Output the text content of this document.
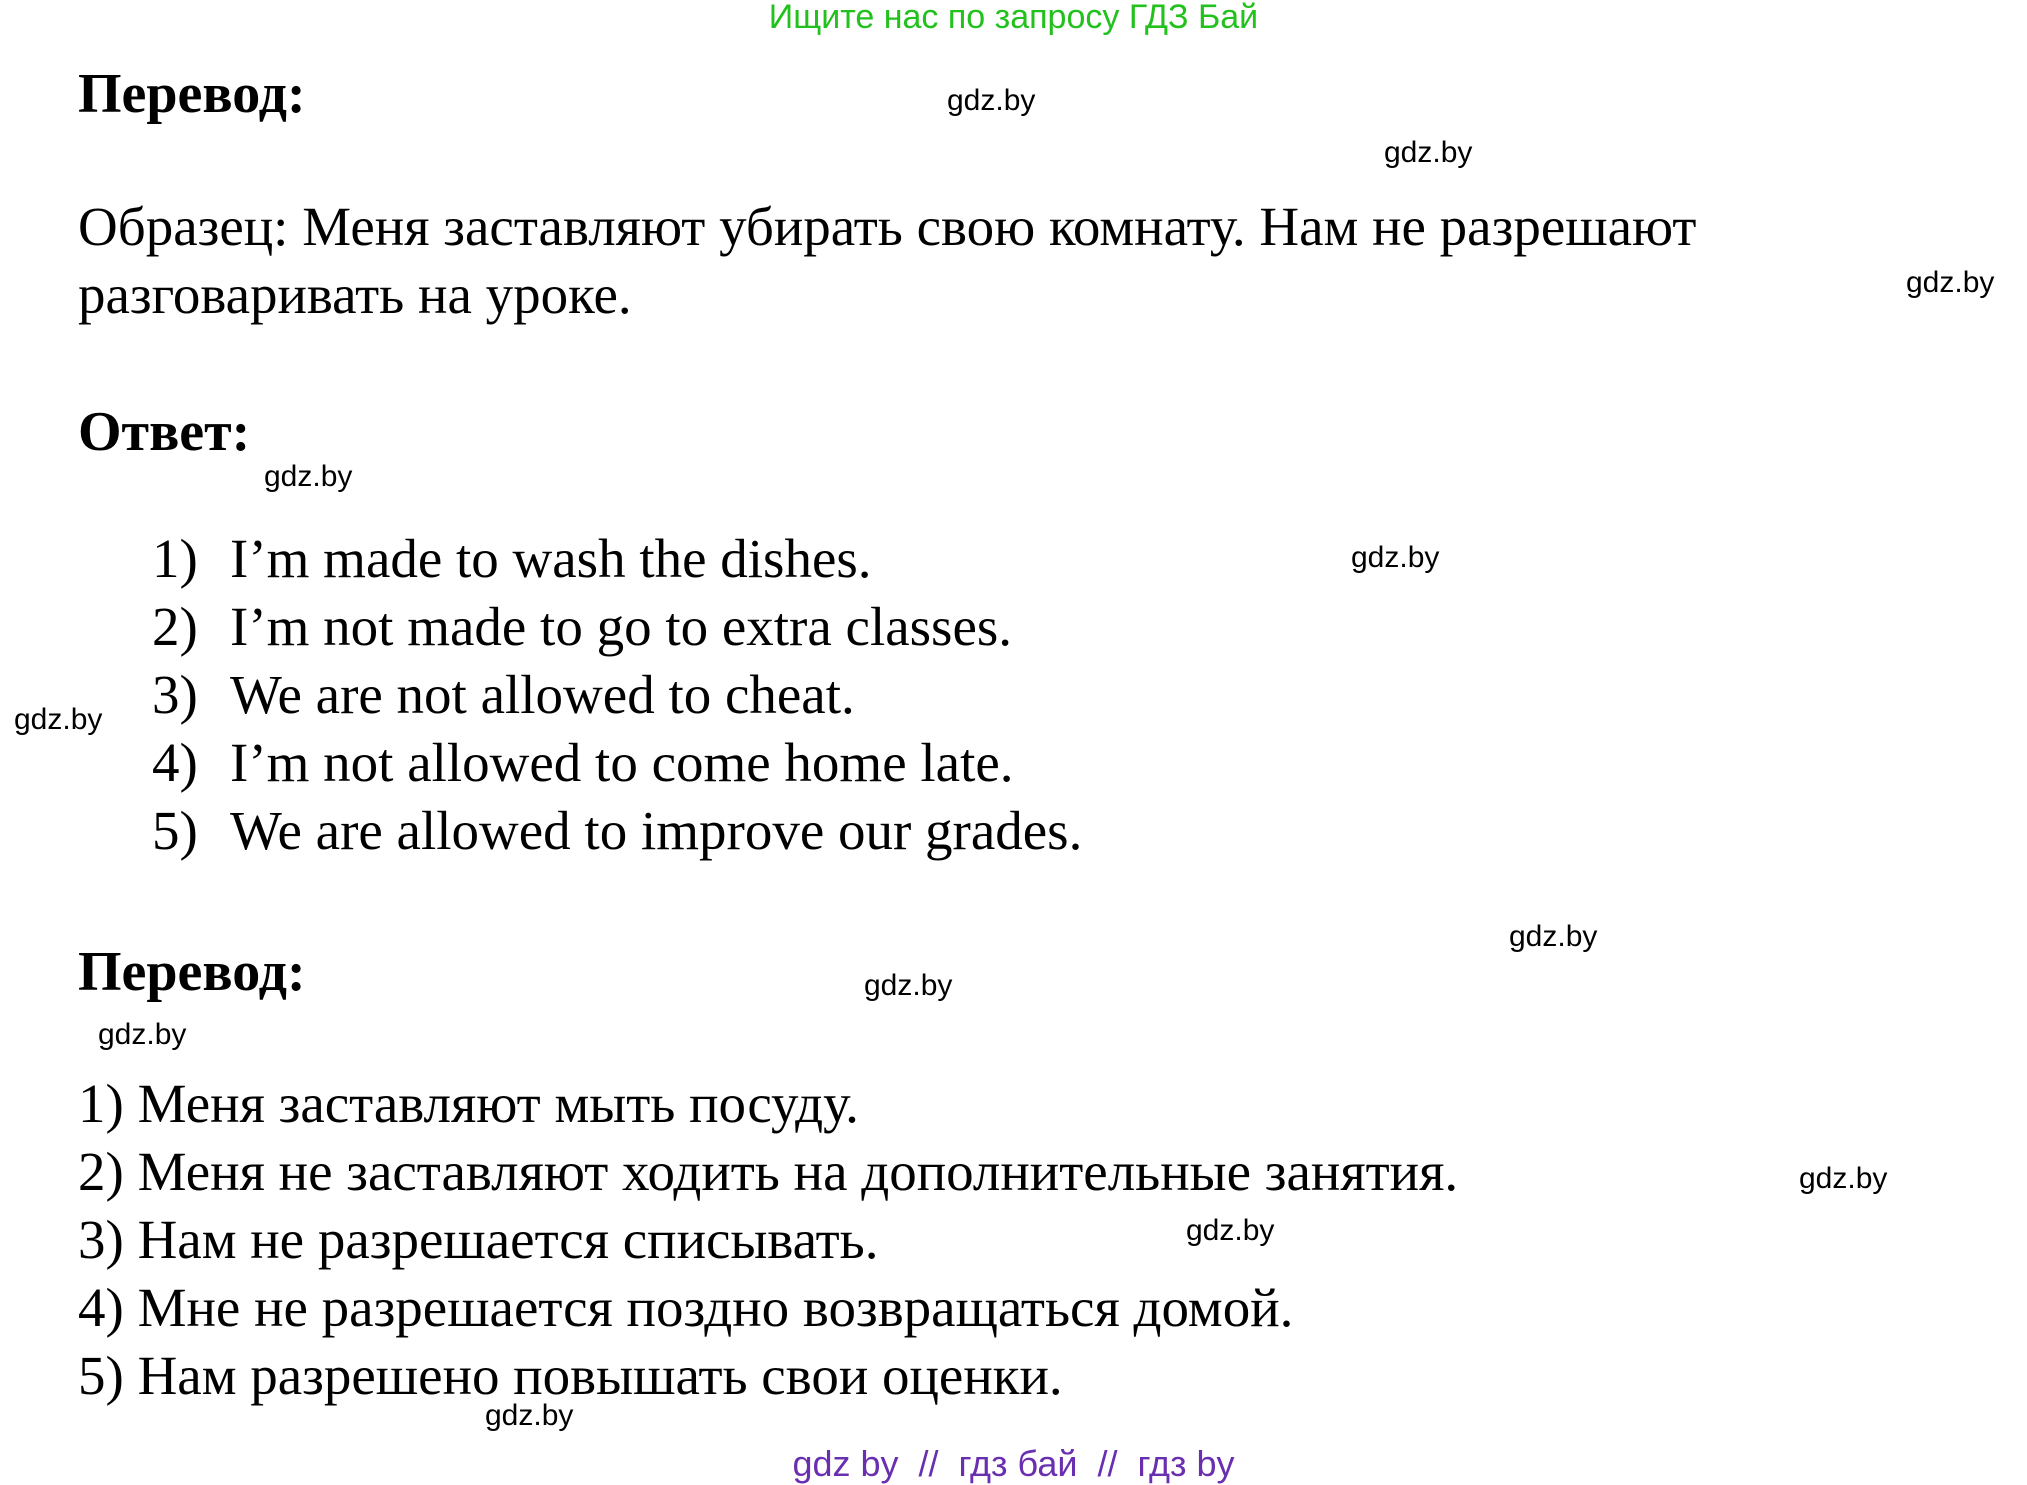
Ищите нас по запросу ГДЗ Бай
Перевод:
Образец: Меня заставляют убирать свою комнату. Нам не разрешают
разговаривать на уроке.
Ответ:
1) I’m made to wash the dishes.
2) I’m not made to go to extra classes.
3) We are not allowed to cheat.
4) I’m not allowed to come home late.
5) We are allowed to improve our grades.
Перевод:
1) Меня заставляют мыть посуду.
2) Меня не заставляют ходить на дополнительные занятия.
3) Нам не разрешается списывать.
4) Мне не разрешается поздно возвращаться домой.
5) Нам разрешено повышать свои оценки.
gdz.by
gdz.by
gdz.by
gdz.by
gdz.by
gdz.by
gdz.by
gdz.by
gdz.by
gdz.by
gdz.by
gdz.by
gdz by  //  гдз бай  //  гдз by
